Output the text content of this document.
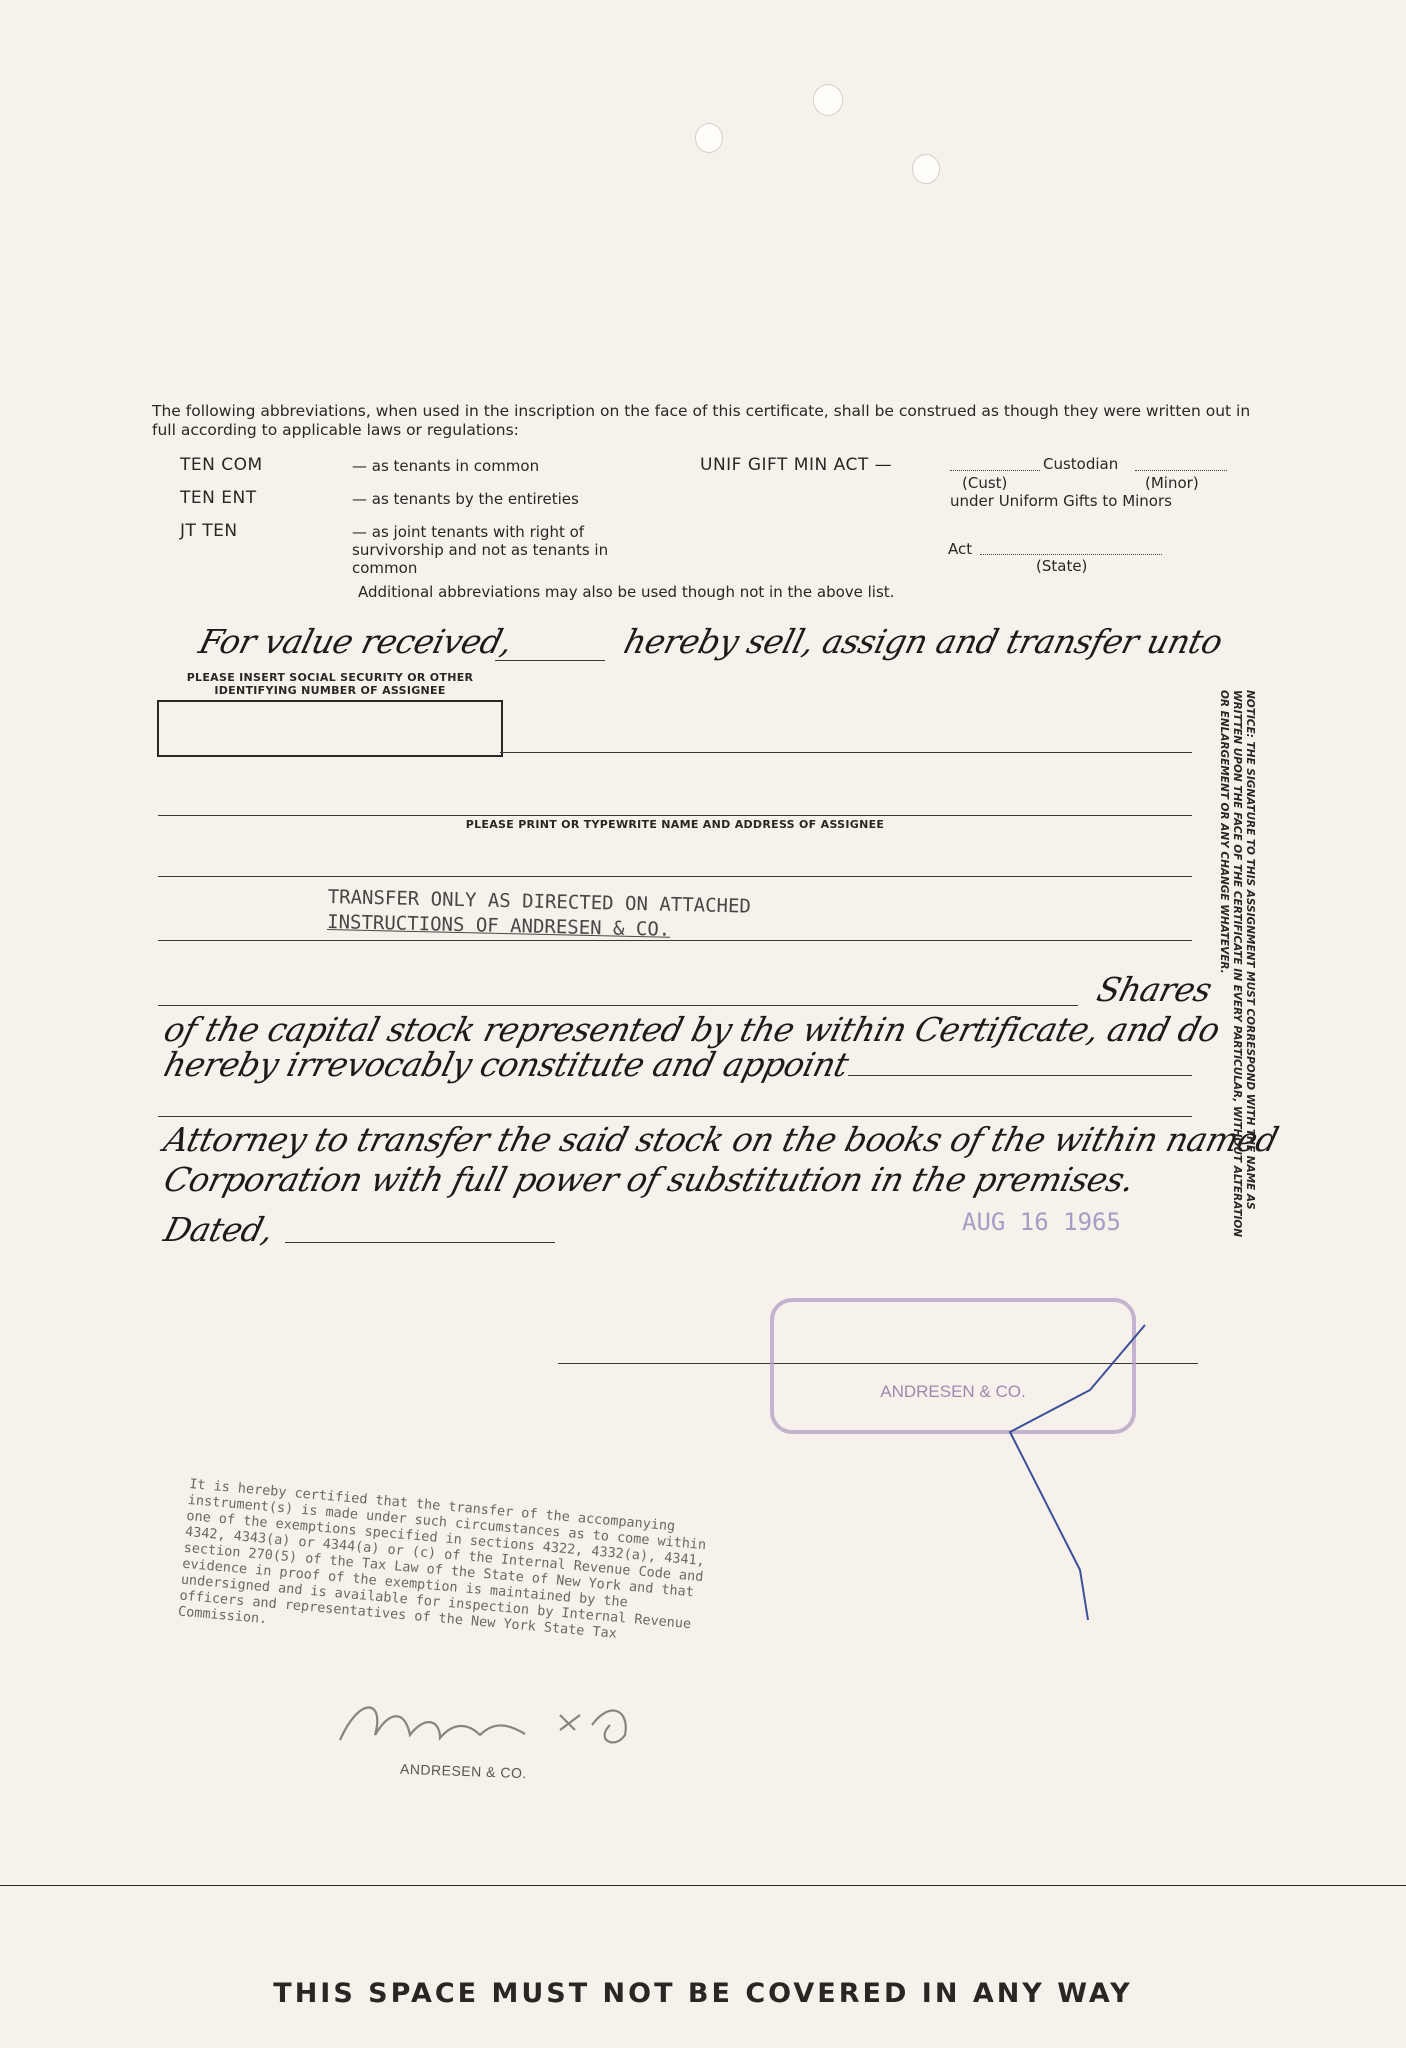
The following abbreviations, when used in the inscription on the face of this certificate, shall be construed as though they were written out in full according to applicable laws or regulations:
TEN COM	— as tenants in common
TEN ENT	— as tenants by the entireties
JT TEN	— as joint tenants with right of survivorship and not as tenants in common
UNIF GIFT MIN ACT —	Custodian
(Cust)	(Minor)
under Uniform Gifts to Minors
Act
(State)
Additional abbreviations may also be used though not in the above list.
For value received,	hereby sell, assign and transfer unto
PLEASE INSERT SOCIAL SECURITY OR OTHER IDENTIFYING NUMBER OF ASSIGNEE
PLEASE PRINT OR TYPEWRITE NAME AND ADDRESS OF ASSIGNEE
TRANSFER ONLY AS DIRECTED ON ATTACHED
INSTRUCTIONS OF ANDRESEN & CO.
Shares
of the capital stock represented by the within Certificate, and do
hereby irrevocably constitute and appoint
Attorney to transfer the said stock on the books of the within named
Corporation with full power of substitution in the premises.
Dated,	AUG 16 1965
ANDRESEN & CO.
NOTICE: THE SIGNATURE TO THIS ASSIGNMENT MUST CORRESPOND WITH THE NAME AS WRITTEN UPON THE FACE OF THE CERTIFICATE IN EVERY PARTICULAR, WITHOUT ALTERATION OR ENLARGEMENT OR ANY CHANGE WHATEVER.
It is hereby certified that the transfer of the accompanying instrument(s) is made under such circumstances as to come within one of the exemptions specified in sections 4322, 4332(a), 4341, 4342, 4343(a) or 4344(a) or (c) of the Internal Revenue Code and section 270(5) of the Tax Law of the State of New York and that evidence in proof of the exemption is maintained by the undersigned and is available for inspection by Internal Revenue officers and representatives of the New York State Tax Commission.
ANDRESEN & CO.
THIS SPACE MUST NOT BE COVERED IN ANY WAY
